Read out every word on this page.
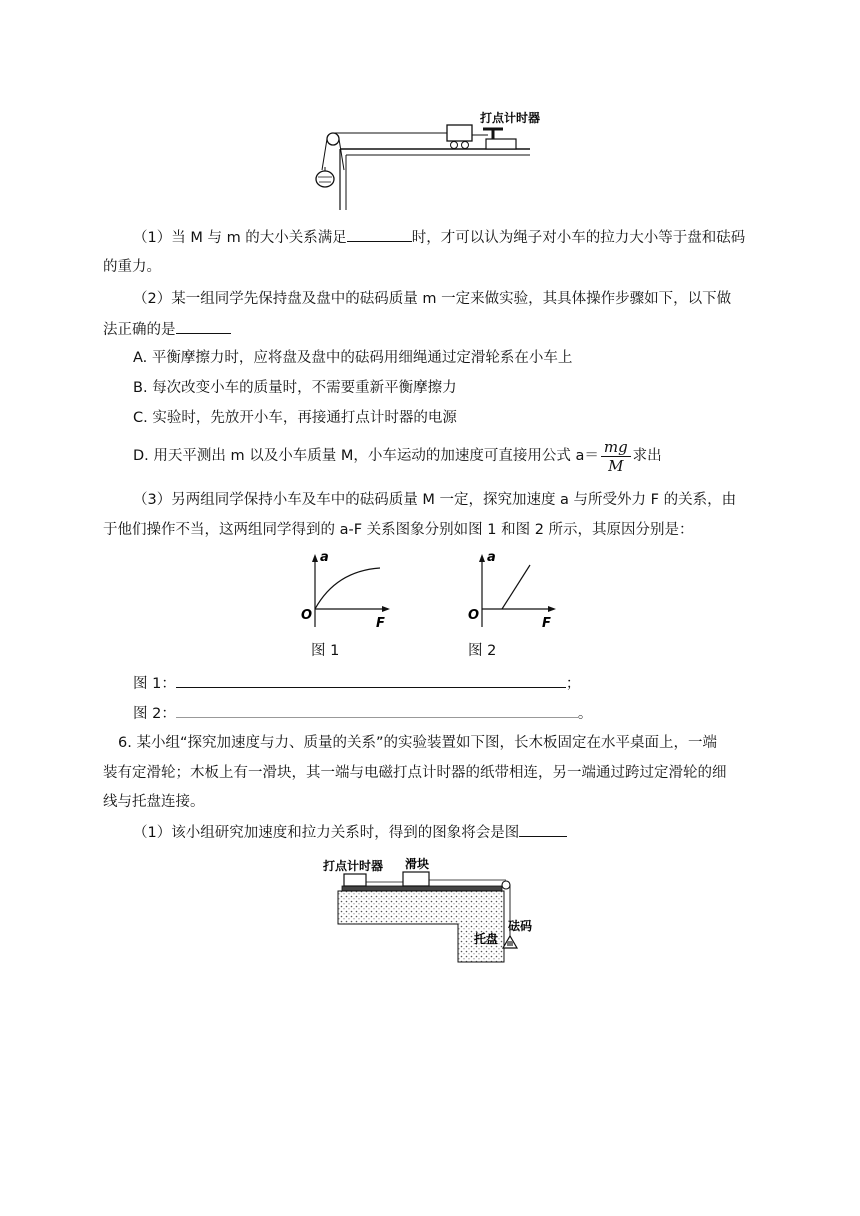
打点计时器
（1）当 M 与 m 的大小关系满足	时，才可以认为绳子对小车的拉力大小等于盘和砝码
的重力。
（2）某一组同学先保持盘及盘中的砝码质量 m 一定来做实验，其具体操作步骤如下，以下做
法正确的是
A. 平衡摩擦力时，应将盘及盘中的砝码用细绳通过定滑轮系在小车上
B. 每次改变小车的质量时，不需要重新平衡摩擦力
C. 实验时，先放开小车，再接通打点计时器的电源
D. 用天平测出 m 以及小车质量 M，小车运动的加速度可直接用公式 $a= \frac{mg}{M}$ 求出
（3）另两组同学保持小车及车中的砝码质量 M 一定，探究加速度 a 与所受外力 F 的关系，由
于他们操作不当，这两组同学得到的 a-F 关系图象分别如图 1 和图 2 所示，其原因分别是：
a
O
F
图 1
a
O
F
图 2
图 1：	；
图 2：	。
6. 某小组“探究加速度与力、质量的关系”的实验装置如下图，长木板固定在水平桌面上，一端
装有定滑轮；木板上有一滑块，其一端与电磁打点计时器的纸带相连，另一端通过跨过定滑轮的细
线与托盘连接。
（1）该小组研究加速度和拉力关系时，得到的图象将会是图
打点计时器 滑块
砝码
托盘
